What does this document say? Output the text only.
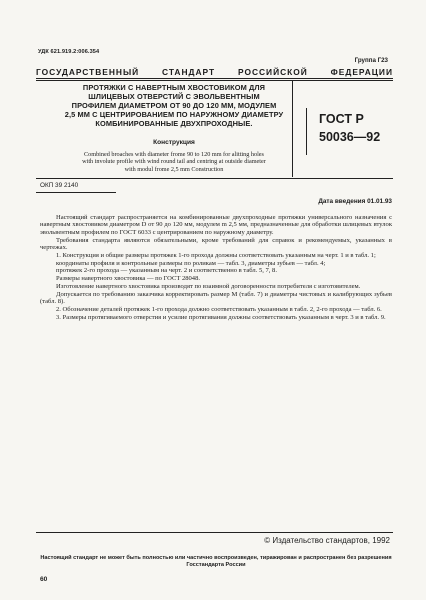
УДК 621.919.2:006.354
Группа Г23
ГОСУДАРСТВЕННЫЙ	СТАНДАРТ	РОССИЙСКОЙ	ФЕДЕРАЦИИ
ПРОТЯЖКИ С НАВЕРТНЫМ ХВОСТОВИКОМ ДЛЯ
ШЛИЦЕВЫХ ОТВЕРСТИЙ С ЭВОЛЬВЕНТНЫМ
ПРОФИЛЕМ ДИАМЕТРОМ ОТ 90 ДО 120 ММ, МОДУЛЕМ
2,5 ММ С ЦЕНТРИРОВАНИЕМ ПО НАРУЖНОМУ ДИАМЕТРУ
КОМБИНИРОВАННЫЕ ДВУХПРОХОДНЫЕ.	ГОСТ Р
50036—92
Конструкция
Combined broaches with diameter frome 90 to 120 mm for alitting holes
with involute profile with wind round tail and centring at outside diameter
with modul frome 2,5 mm Construction
ОКП 39 2140
Дата введения 01.01.93

Настоящий стандарт распространяется на комбинированные двухпроходные протяжки универсального назначения с навертным хвостовиком диаметром D от 90 до 120 мм, модулем m 2,5 мм, предназначенные для обработки шлицевых втулок эвольвентным профилем по ГОСТ 6033 с центрированием по наружному диаметру.

Требования стандарта являются обязательными, кроме требований для справок и рекомендуемых, указанных в чертежах.

1. Конструкция и общие размеры протяжек 1-го прохода должны соответствовать указанным на черт. 1 и в табл. 1;

координаты профиля и контрольные размеры по роликам — табл. 3, диаметры зубьев — табл. 4;

протяжек 2-го прохода — указанным на черт. 2 и соответственно в табл. 5, 7, 8.

Размеры навертного хвостовика — по ГОСТ 28048.

Изготовление навертного хвостовика производят по взаимной договоренности потребителя с изготовителем.

Допускается по требованию заказчика корректировать размер M (табл. 7) и диаметры чистовых и калибрующих зубьев (табл. 8).

2. Обозначение деталей протяжек 1-го прохода должно соответствовать указанным в табл. 2, 2-го прохода — табл. 6.

3. Размеры протягиваемого отверстия и усилие протягивания должны соответствовать указанным в черт. 3 и в табл. 9.

© Издательство стандартов, 1992
Настоящий стандарт не может быть полностью или частично воспроизведен, тиражирован и распространен без разрешения
Госстандарта России
60
